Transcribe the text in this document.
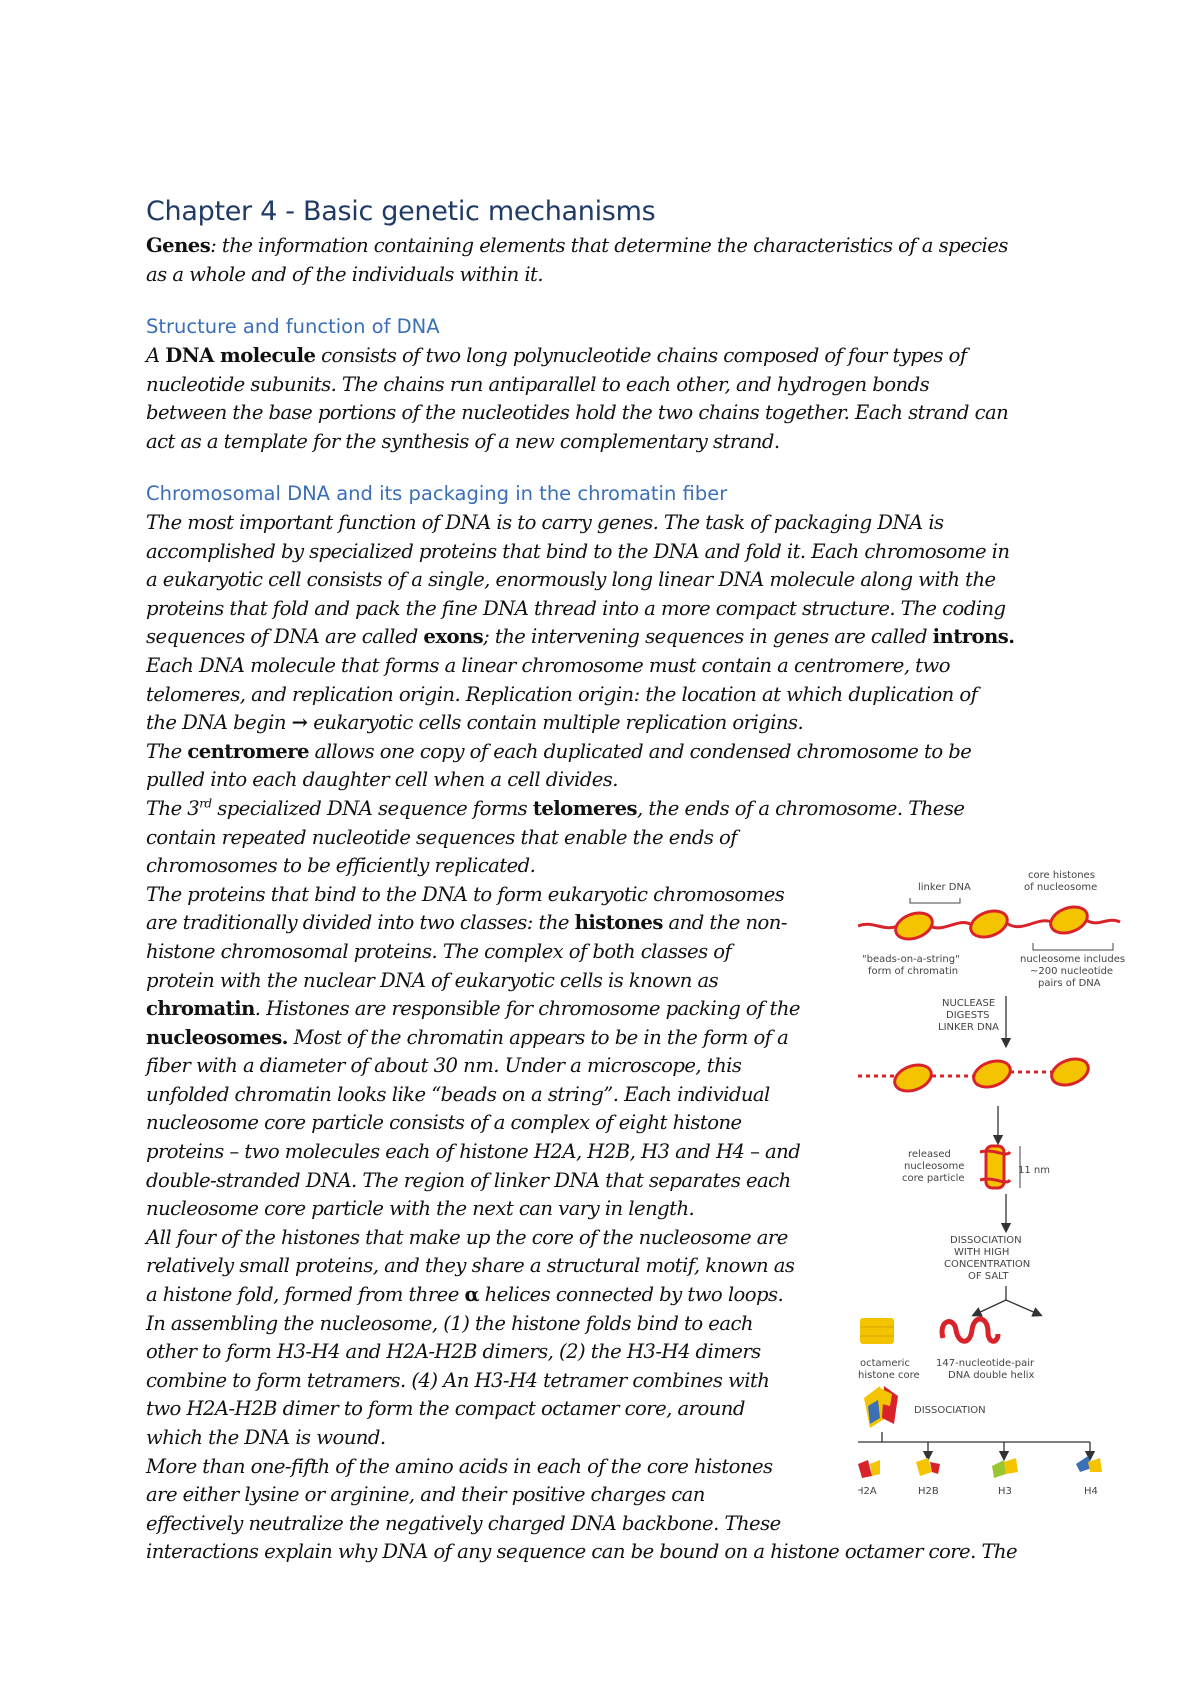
Chapter 4 - Basic genetic mechanisms

Genes: the information containing elements that determine the characteristics of a species
as a whole and of the individuals within it.

Structure and function of DNA

A DNA molecule consists of two long polynucleotide chains composed of four types of
nucleotide subunits. The chains run antiparallel to each other, and hydrogen bonds
between the base portions of the nucleotides hold the two chains together. Each strand can
act as a template for the synthesis of a new complementary strand.

Chromosomal DNA and its packaging in the chromatin fiber

The most important function of DNA is to carry genes. The task of packaging DNA is
accomplished by specialized proteins that bind to the DNA and fold it. Each chromosome in
a eukaryotic cell consists of a single, enormously long linear DNA molecule along with the
proteins that fold and pack the fine DNA thread into a more compact structure. The coding
sequences of DNA are called exons; the intervening sequences in genes are called introns.
Each DNA molecule that forms a linear chromosome must contain a centromere, two
telomeres, and replication origin. Replication origin: the location at which duplication of
the DNA begin → eukaryotic cells contain multiple replication origins.
The centromere allows one copy of each duplicated and condensed chromosome to be
pulled into each daughter cell when a cell divides.
The 3rd specialized DNA sequence forms telomeres, the ends of a chromosome. These
contain repeated nucleotide sequences that enable the ends of
chromosomes to be efficiently replicated.
The proteins that bind to the DNA to form eukaryotic chromosomes
are traditionally divided into two classes: the histones and the non-
histone chromosomal proteins. The complex of both classes of
protein with the nuclear DNA of eukaryotic cells is known as
chromatin. Histones are responsible for chromosome packing of the
nucleosomes. Most of the chromatin appears to be in the form of a
fiber with a diameter of about 30 nm. Under a microscope, this
unfolded chromatin looks like “beads on a string”. Each individual
nucleosome core particle consists of a complex of eight histone
proteins – two molecules each of histone H2A, H2B, H3 and H4 – and
double-stranded DNA. The region of linker DNA that separates each
nucleosome core particle with the next can vary in length.
All four of the histones that make up the core of the nucleosome are
relatively small proteins, and they share a structural motif, known as
a histone fold, formed from three α helices connected by two loops.
In assembling the nucleosome, (1) the histone folds bind to each
other to form H3-H4 and H2A-H2B dimers, (2) the H3-H4 dimers
combine to form tetramers. (4) An H3-H4 tetramer combines with
two H2A-H2B dimer to form the compact octamer core, around
which the DNA is wound.
More than one-fifth of the amino acids in each of the core histones
are either lysine or arginine, and their positive charges can
effectively neutralize the negatively charged DNA backbone. These
interactions explain why DNA of any sequence can be bound on a histone octamer core. The

linker DNA
core histones
of nucleosome
"beads-on-a-string"
form of chromatin
nucleosome includes
~200 nucleotide
pairs of DNA
NUCLEASE
DIGESTS
LINKER DNA
released
nucleosome
core particle
11 nm
DISSOCIATION
WITH HIGH
CONCENTRATION
OF SALT
octameric
histone core
147-nucleotide-pair
DNA double helix
DISSOCIATION
H2A	H2B	H3	H4
